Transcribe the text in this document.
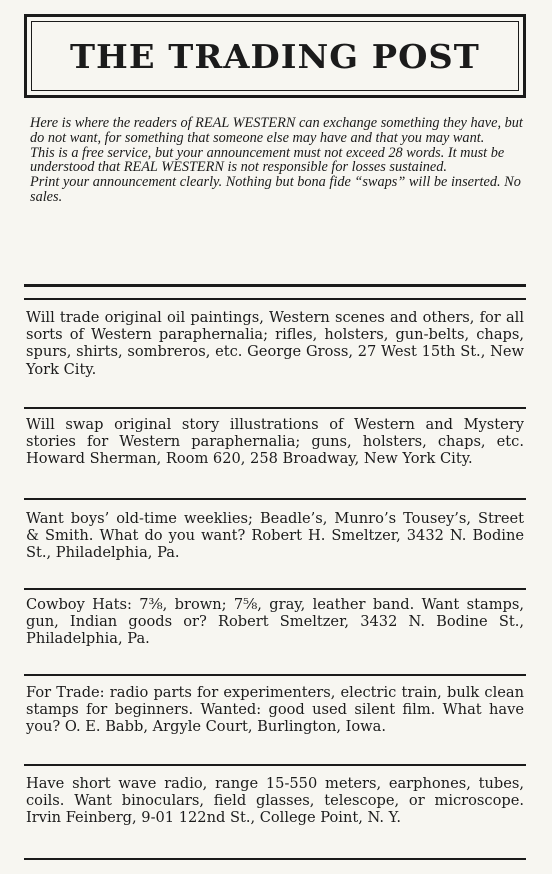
THE TRADING POST

Here is where the readers of REAL WESTERN can exchange something they have, but do not want, for something that someone else may have and that you may want.

This is a free service, but your announcement must not exceed 28 words. It must be understood that REAL WESTERN is not responsible for losses sustained.

Print your announcement clearly. Nothing but bona fide “swaps” will be inserted. No sales.

Will trade original oil paintings, Western scenes and others, for all sorts of Western paraphernalia; rifles, holsters, gun-belts, chaps, spurs, shirts, sombreros, etc. George Gross, 27 West 15th St., New York City.

Will swap original story illustrations of Western and Mystery stories for Western paraphernalia; guns, holsters, chaps, etc. Howard Sherman, Room 620, 258 Broadway, New York City.

Want boys’ old-time weeklies; Beadle’s, Munro’s Tousey’s, Street & Smith. What do you want? Robert H. Smeltzer, 3432 N. Bodine St., Philadelphia, Pa.

Cowboy Hats: 7⅜, brown; 7⅝, gray, leather band. Want stamps, gun, Indian goods or? Robert Smeltzer, 3432 N. Bodine St., Philadelphia, Pa.

For Trade: radio parts for experimenters, electric train, bulk clean stamps for beginners. Wanted: good used silent film. What have you? O. E. Babb, Argyle Court, Burlington, Iowa.

Have short wave radio, range 15-550 meters, earphones, tubes, coils. Want binoculars, field glasses, telescope, or microscope. Irvin Feinberg, 9-01 122nd St., College Point, N. Y.
